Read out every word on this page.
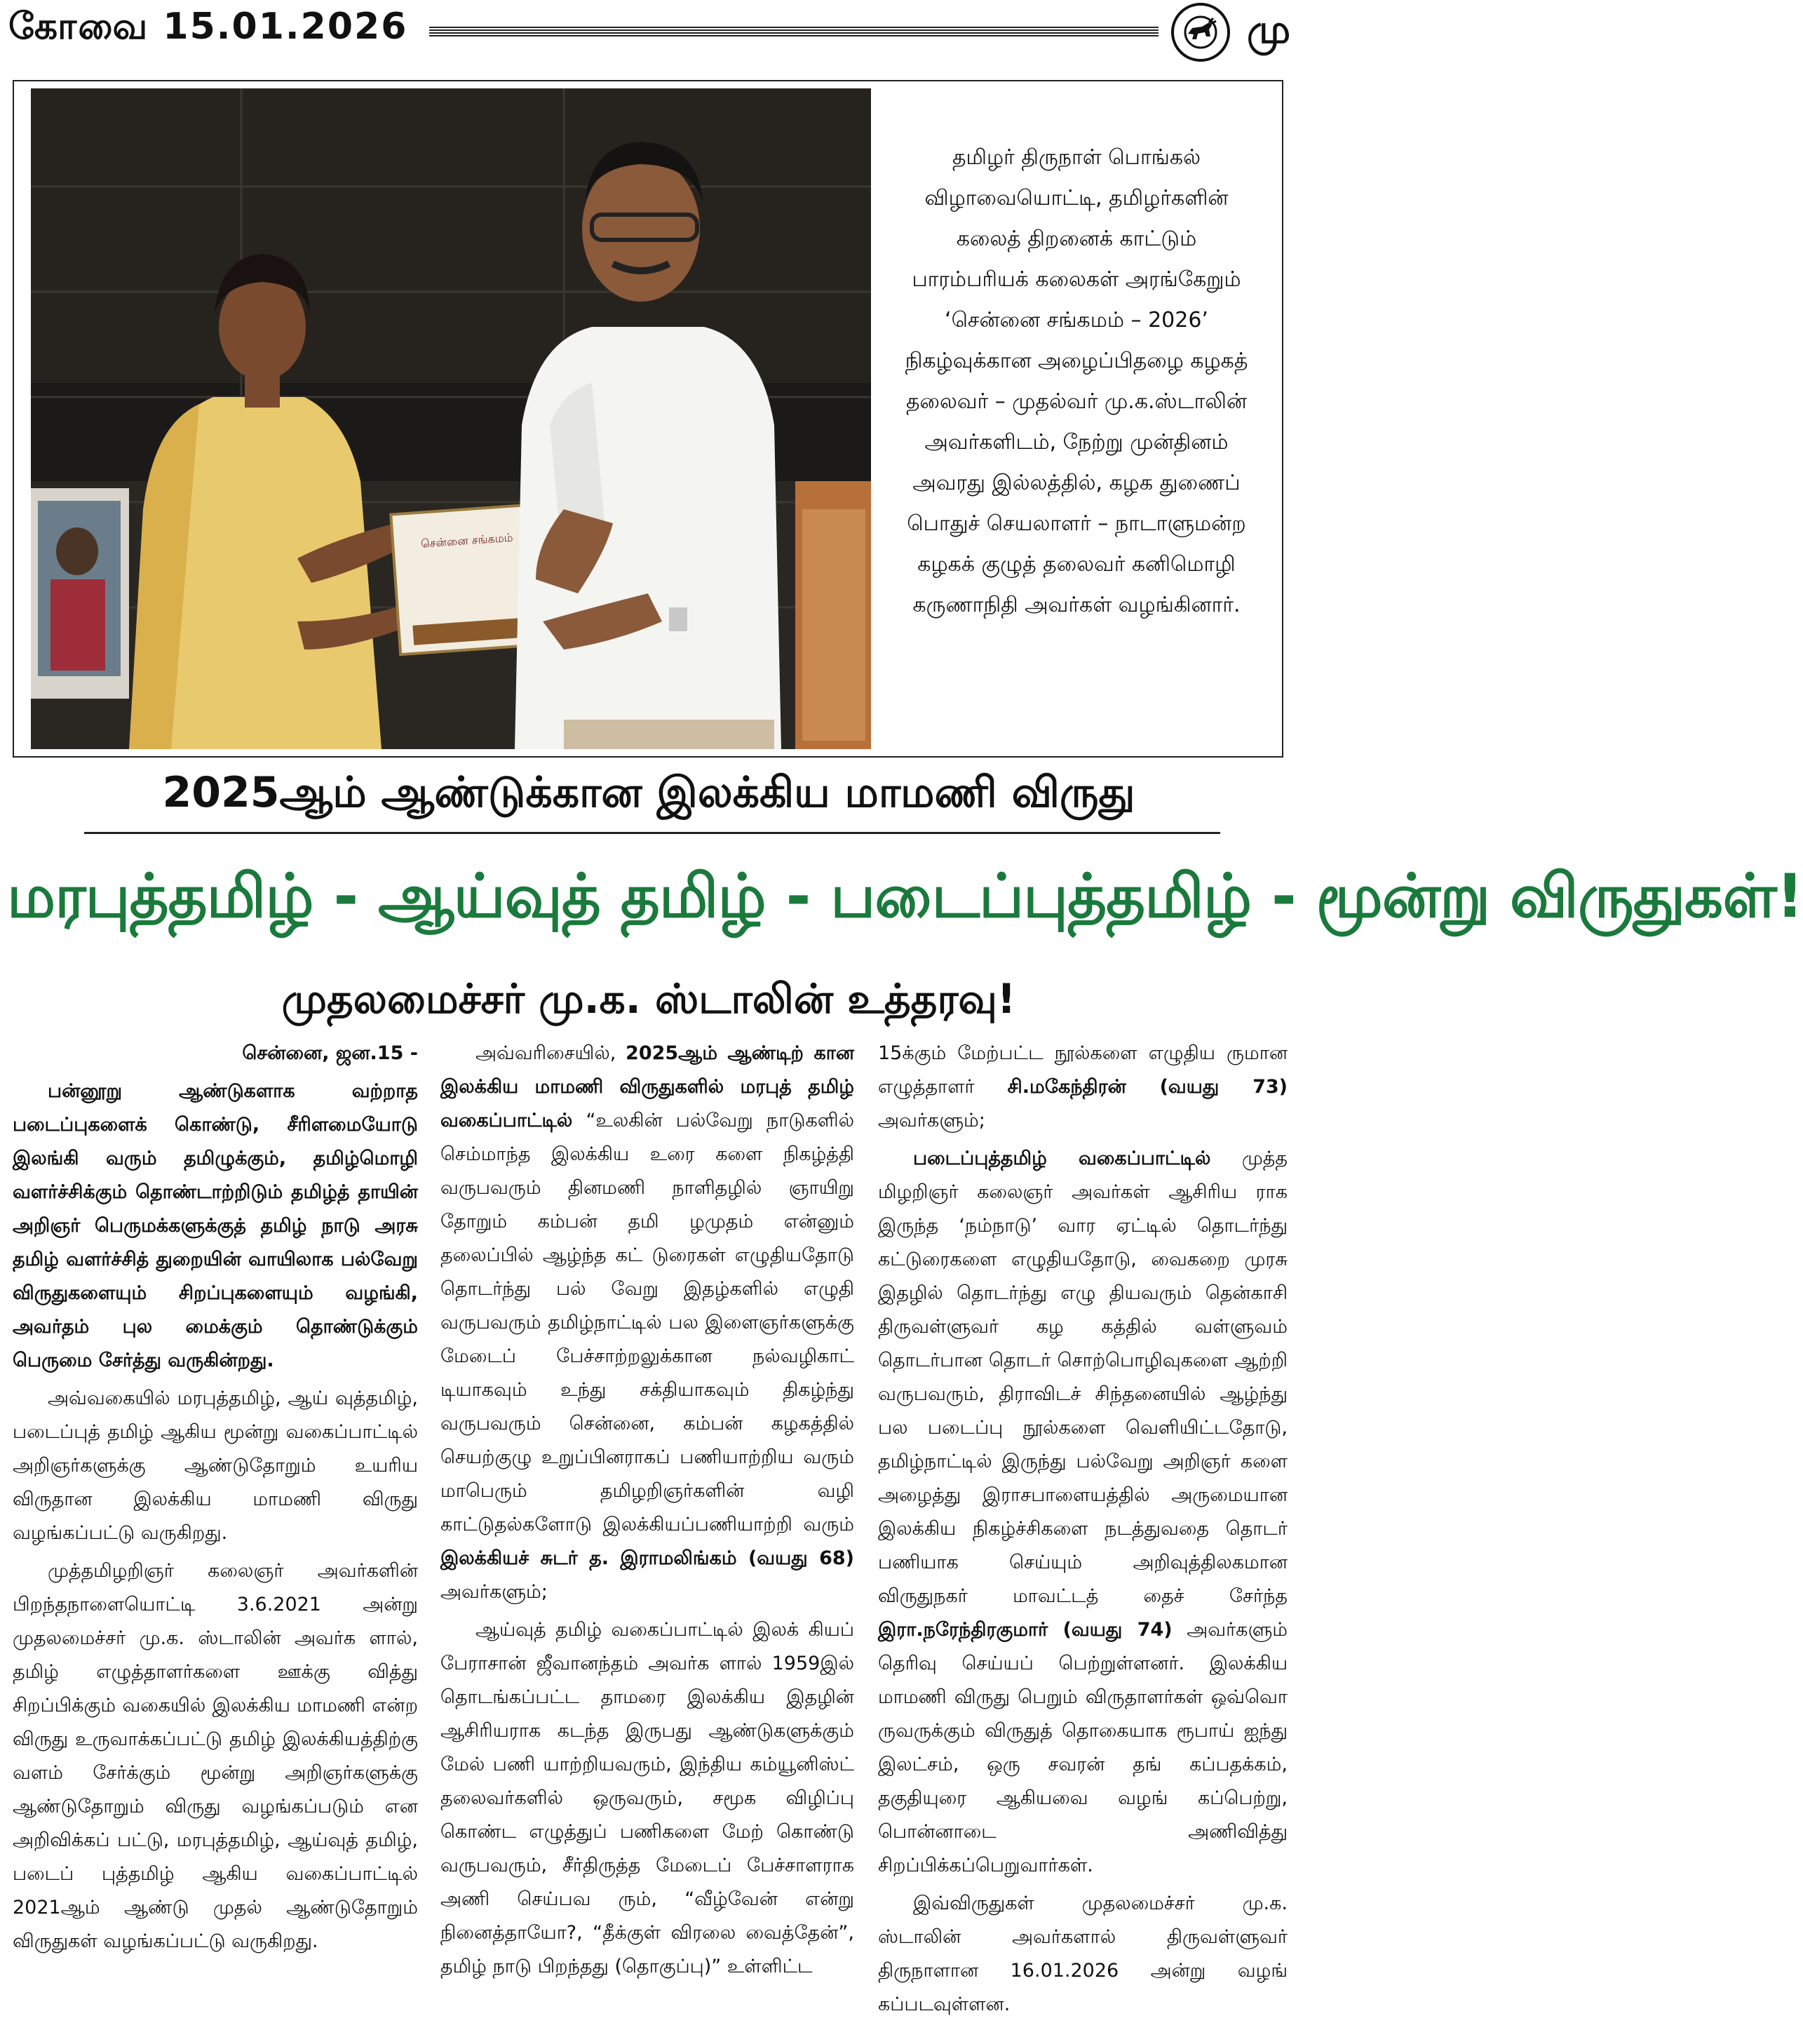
கோவை 15.01.2026	மு
சென்னை சங்கமம்
தமிழர் திருநாள் பொங்கல்
விழாவையொட்டி, தமிழர்களின்
கலைத் திறனைக் காட்டும்
பாரம்பரியக் கலைகள் அரங்கேறும்
‘சென்னை சங்கமம் – 2026’
நிகழ்வுக்கான அழைப்பிதழை கழகத்
தலைவர் – முதல்வர் மு.க.ஸ்டாலின்
அவர்களிடம், நேற்று முன்தினம்
அவரது இல்லத்தில், கழக துணைப்
பொதுச் செயலாளர் – நாடாளுமன்ற
கழகக் குழுத் தலைவர் கனிமொழி
கருணாநிதி அவர்கள் வழங்கினார்.
2025ஆம் ஆண்டுக்கான இலக்கிய மாமணி விருது
மரபுத்தமிழ் - ஆய்வுத் தமிழ் - படைப்புத்தமிழ் - மூன்று விருதுகள்!
முதலமைச்சர் மு.க. ஸ்டாலின் உத்தரவு!

சென்னை, ஜன.15 -

பன்னூறு ஆண்டுகளாக வற்றாத படைப்புகளைக் கொண்டு, சீரிளமையோடு இலங்கி வரும் தமிழுக்கும், தமிழ்மொழி வளர்ச்சிக்கும் தொண்டாற்றிடும் தமிழ்த் தாயின் அறிஞர் பெருமக்களுக்குத் தமிழ் நாடு அரசு தமிழ் வளர்ச்சித் துறையின் வாயிலாக பல்வேறு விருதுகளையும் சிறப்புகளையும் வழங்கி, அவர்தம் புல மைக்கும் தொண்டுக்கும் பெருமை சேர்த்து வருகின்றது.

அவ்வகையில் மரபுத்தமிழ், ஆய் வுத்தமிழ், படைப்புத் தமிழ் ஆகிய மூன்று வகைப்பாட்டில் அறிஞர்களுக்கு ஆண்டுதோறும் உயரிய விருதான இலக்கிய மாமணி விருது வழங்கப்பட்டு வருகிறது.

முத்தமிழறிஞர் கலைஞர் அவர்களின் பிறந்தநாளையொட்டி 3.6.2021 அன்று முதலமைச்சர் மு.க. ஸ்டாலின் அவர்க ளால், தமிழ் எழுத்தாளர்களை ஊக்கு வித்து சிறப்பிக்கும் வகையில் இலக்கிய மாமணி என்ற விருது உருவாக்கப்பட்டு தமிழ் இலக்கியத்திற்கு வளம் சேர்க்கும் மூன்று அறிஞர்களுக்கு ஆண்டுதோறும் விருது வழங்கப்படும் என அறிவிக்கப் பட்டு, மரபுத்தமிழ், ஆய்வுத் தமிழ், படைப் புத்தமிழ் ஆகிய வகைப்பாட்டில் 2021ஆம் ஆண்டு முதல் ஆண்டுதோறும் விருதுகள் வழங்கப்பட்டு வருகிறது.

அவ்வரிசையில், 2025ஆம் ஆண்டிற் கான இலக்கிய மாமணி விருதுகளில் மரபுத் தமிழ் வகைப்பாட்டில் “உலகின் பல்வேறு நாடுகளில் செம்மாந்த இலக்கிய உரை களை நிகழ்த்தி வருபவரும் தினமணி நாளிதழில் ஞாயிறு தோறும் கம்பன் தமி ழமுதம் என்னும் தலைப்பில் ஆழ்ந்த கட் டுரைகள் எழுதியதோடு தொடர்ந்து பல் வேறு இதழ்களில் எழுதி வருபவரும் தமிழ்நாட்டில் பல இளைஞர்களுக்கு மேடைப் பேச்சாற்றலுக்கான நல்வழிகாட் டியாகவும் உந்து சக்தியாகவும் திகழ்ந்து வருபவரும் சென்னை, கம்பன் கழகத்தில் செயற்குழு உறுப்பினராகப் பணியாற்றிய வரும் மாபெரும் தமிழறிஞர்களின் வழி காட்டுதல்களோடு இலக்கியப்பணியாற்றி வரும் இலக்கியச் சுடர் த. இராமலிங்கம் (வயது 68) அவர்களும்;

ஆய்வுத் தமிழ் வகைப்பாட்டில் இலக் கியப் பேராசான் ஜீவானந்தம் அவர்க ளால் 1959இல் தொடங்கப்பட்ட தாமரை இலக்கிய இதழின் ஆசிரியராக கடந்த இருபது ஆண்டுகளுக்கும் மேல் பணி யாற்றியவரும், இந்திய கம்யூனிஸ்ட் தலைவர்களில் ஒருவரும், சமூக விழிப்பு கொண்ட எழுத்துப் பணிகளை மேற் கொண்டு வருபவரும், சீர்திருத்த மேடைப் பேச்சாளராக அணி செய்பவ ரும், “வீழ்வேன் என்று நினைத்தாயோ?, “தீக்குள் விரலை வைத்தேன்”, தமிழ் நாடு பிறந்தது (தொகுப்பு)” உள்ளிட்ட

15க்கும் மேற்பட்ட நூல்களை எழுதிய ருமான எழுத்தாளர் சி.மகேந்திரன் (வயது 73) அவர்களும்;

படைப்புத்தமிழ் வகைப்பாட்டில் முத்த மிழறிஞர் கலைஞர் அவர்கள் ஆசிரிய ராக இருந்த ‘நம்நாடு’ வார ஏட்டில் தொடர்ந்து கட்டுரைகளை எழுதியதோடு, வைகறை முரசு இதழில் தொடர்ந்து எழு தியவரும் தென்காசி திருவள்ளுவர் கழ கத்தில் வள்ளுவம் தொடர்பான தொடர் சொற்பொழிவுகளை ஆற்றி வருபவரும், திராவிடச் சிந்தனையில் ஆழ்ந்து பல படைப்பு நூல்களை வெளியிட்டதோடு, தமிழ்நாட்டில் இருந்து பல்வேறு அறிஞர் களை அழைத்து இராசபாளையத்தில் அருமையான இலக்கிய நிகழ்ச்சிகளை நடத்துவதை தொடர் பணியாக செய்யும் அறிவுத்திலகமான விருதுநகர் மாவட்டத் தைச் சேர்ந்த இரா.நரேந்திரகுமார் (வயது 74) அவர்களும் தெரிவு செய்யப் பெற்றுள்ளனர். இலக்கிய மாமணி விருது பெறும் விருதாளர்கள் ஒவ்வொ ருவருக்கும் விருதுத் தொகையாக ரூபாய் ஐந்து இலட்சம், ஒரு சவரன் தங் கப்பதக்கம், தகுதியுரை ஆகியவை வழங் கப்பெற்று, பொன்னாடை அணிவித்து சிறப்பிக்கப்பெறுவார்கள்.

இவ்விருதுகள் முதலமைச்சர் மு.க. ஸ்டாலின் அவர்களால் திருவள்ளுவர் திருநாளான 16.01.2026 அன்று வழங் கப்படவுள்ளன.
